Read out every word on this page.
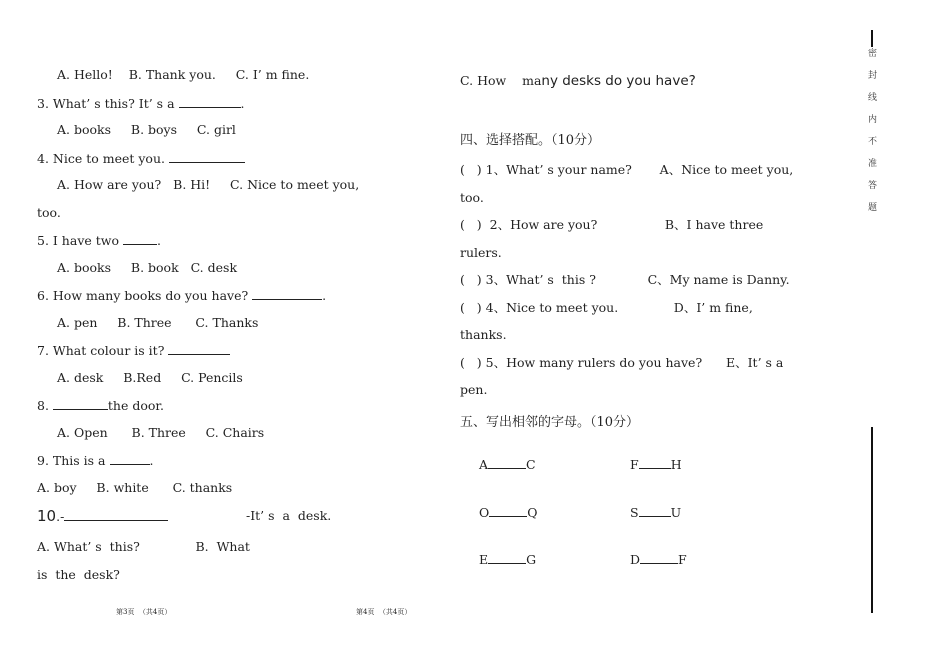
A. Hello!    B. Thank you.     C. I’ m fine.
3. What’ s this? It’ s a	.
A. books     B. boys     C. girl
4. Nice to meet you.
A. How are you?   B. Hi!     C. Nice to meet you,
too.
5. I have two	.
A. books     B. book   C. desk
6. How many books do you have?	.
A. pen     B. Three      C. Thanks
7. What colour is it?
A. desk     B.Red     C. Pencils
8.	the door.
A. Open      B. Three     C. Chairs
9. This is a	.
A. boy     B. white      C. thanks
10.-	-It’ s  a  desk.
A. What’ s  this?              B.  What
is  the  desk?
第3页  （共4页）
C. How    many desks do you have?
四、选择搭配。（10分）
(   ) 1、What’ s your name?       A、Nice to meet you,
too.
(   )  2、How are you?                 B、I have three
rulers.
(   ) 3、What’ s  this ?             C、My name is Danny.
(   ) 4、Nice to meet you.              D、I’ m fine,
thanks.
(   ) 5、How many rulers do you have?      E、It’ s a
pen.
五、写出相邻的字母。（10分）
A	C	F	H
O	Q	S	U
E	G	D	F
第4页  （共4页）
密封线内不准答题
